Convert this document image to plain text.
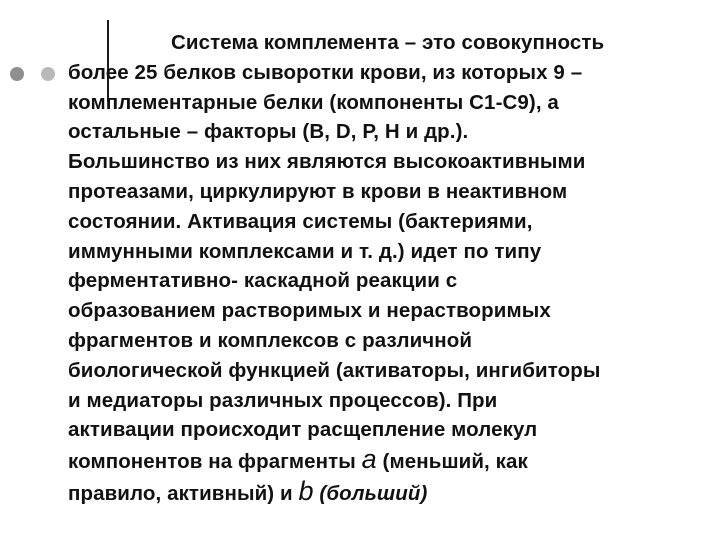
Система комплемента – это совокупность
более 25 белков сыворотки крови, из которых 9 –
комплементарные белки (компоненты С1-С9), а
остальные – факторы (В, D, Р, Н и др.).
Большинство из них являются высокоактивными
протеазами, циркулируют в крови в неактивном
состоянии. Активация системы (бактериями,
иммунными комплексами и т. д.) идет по типу
ферментативно- каскадной реакции с
образованием растворимых и нерастворимых
фрагментов и комплексов с различной
биологической функцией (активаторы, ингибиторы
и медиаторы различных процессов). При
активации происходит расщепление молекул
компонентов на фрагменты а (меньший, как
правило, активный) и b (больший)
